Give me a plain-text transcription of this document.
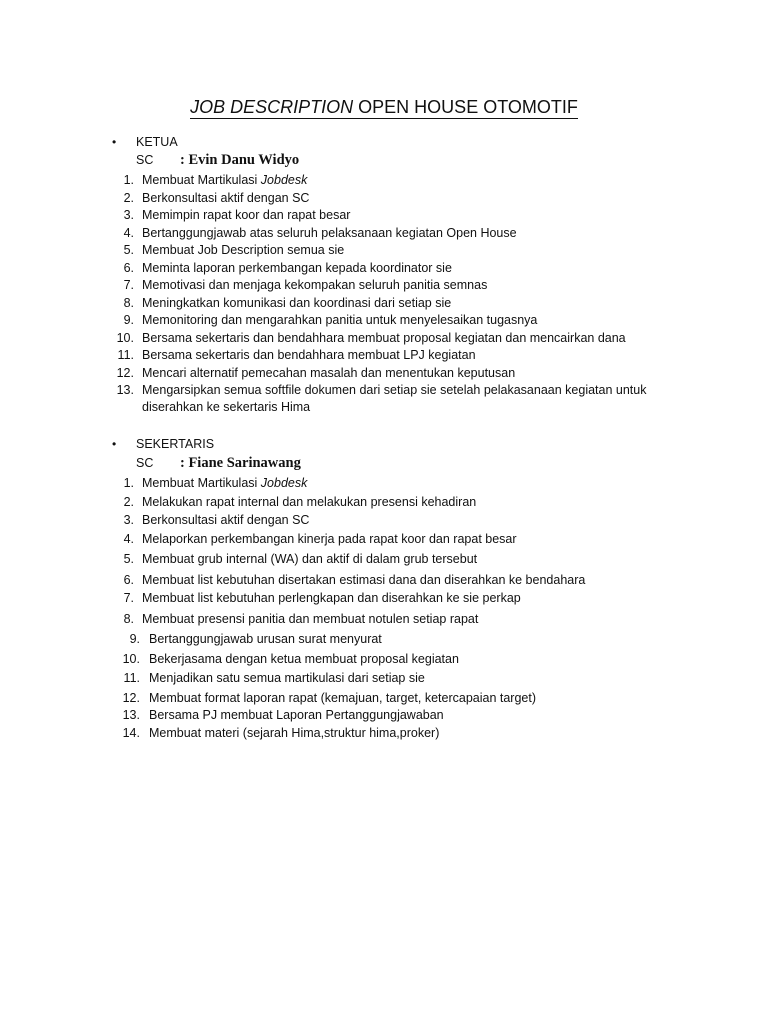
JOB DESCRIPTION OPEN HOUSE OTOMOTIF
• KETUA
SC : Evin Danu Widyo
1. Membuat Martikulasi Jobdesk
2. Berkonsultasi aktif dengan SC
3. Memimpin rapat koor dan rapat besar
4. Bertanggungjawab atas seluruh pelaksanaan kegiatan Open House
5. Membuat Job Description semua sie
6. Meminta laporan perkembangan kepada koordinator sie
7. Memotivasi dan menjaga kekompakan seluruh panitia semnas
8. Meningkatkan komunikasi dan koordinasi dari setiap sie
9. Memonitoring dan mengarahkan panitia untuk menyelesaikan tugasnya
10. Bersama sekertaris dan bendahhara membuat proposal kegiatan dan mencairkan dana
11. Bersama sekertaris dan bendahhara membuat LPJ kegiatan
12. Mencari alternatif pemecahan masalah dan menentukan keputusan
13. Mengarsipkan semua softfile dokumen dari setiap sie setelah pelakasanaan kegiatan untuk
diserahkan ke sekertaris Hima
• SEKERTARIS
SC : Fiane Sarinawang
1. Membuat Martikulasi Jobdesk
2. Melakukan rapat internal dan melakukan presensi kehadiran
3. Berkonsultasi aktif dengan SC
4. Melaporkan perkembangan kinerja pada rapat koor dan rapat besar
5. Membuat grub internal (WA) dan aktif di dalam grub tersebut
6. Membuat list kebutuhan disertakan estimasi dana dan diserahkan ke bendahara
7. Membuat list kebutuhan perlengkapan dan diserahkan ke sie perkap
8. Membuat presensi panitia dan membuat notulen setiap rapat
9. Bertanggungjawab urusan surat menyurat
10. Bekerjasama dengan ketua membuat proposal kegiatan
11. Menjadikan satu semua martikulasi dari setiap sie
12. Membuat format laporan rapat (kemajuan, target, ketercapaian target)
13. Bersama PJ membuat Laporan Pertanggungjawaban
14. Membuat materi (sejarah Hima,struktur hima,proker)
